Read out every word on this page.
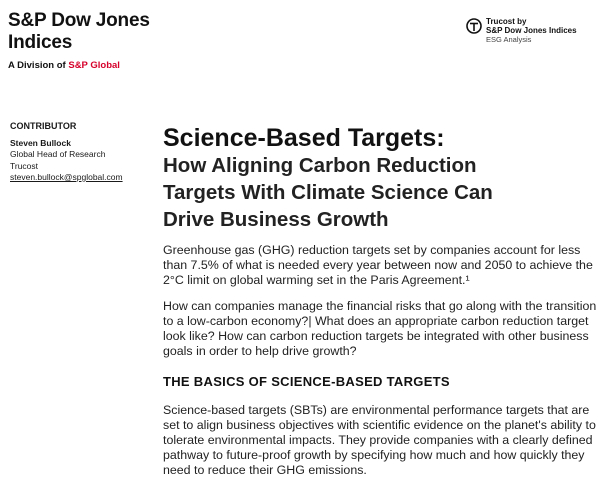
S&P Dow Jones
Indices
A Division of S&P Global
Trucost by
S&P Dow Jones Indices
ESG Analysis
CONTRIBUTOR
Steven Bullock
Global Head of Research
Trucost
steven.bullock@spglobal.com
Science-Based Targets:
How Aligning Carbon Reduction
Targets With Climate Science Can
Drive Business Growth

Greenhouse gas (GHG) reduction targets set by companies account for less than 7.5% of what is needed every year between now and 2050 to achieve the 2°C limit on global warming set in the Paris Agreement.¹

How can companies manage the financial risks that go along with the transition to a low-carbon economy?| What does an appropriate carbon reduction target look like? How can carbon reduction targets be integrated with other business goals in order to help drive growth?

THE BASICS OF SCIENCE-BASED TARGETS

Science-based targets (SBTs) are environmental performance targets that are set to align business objectives with scientific evidence on the planet's ability to tolerate environmental impacts. They provide companies with a clearly defined pathway to future-proof growth by specifying how much and how quickly they need to reduce their GHG emissions.
